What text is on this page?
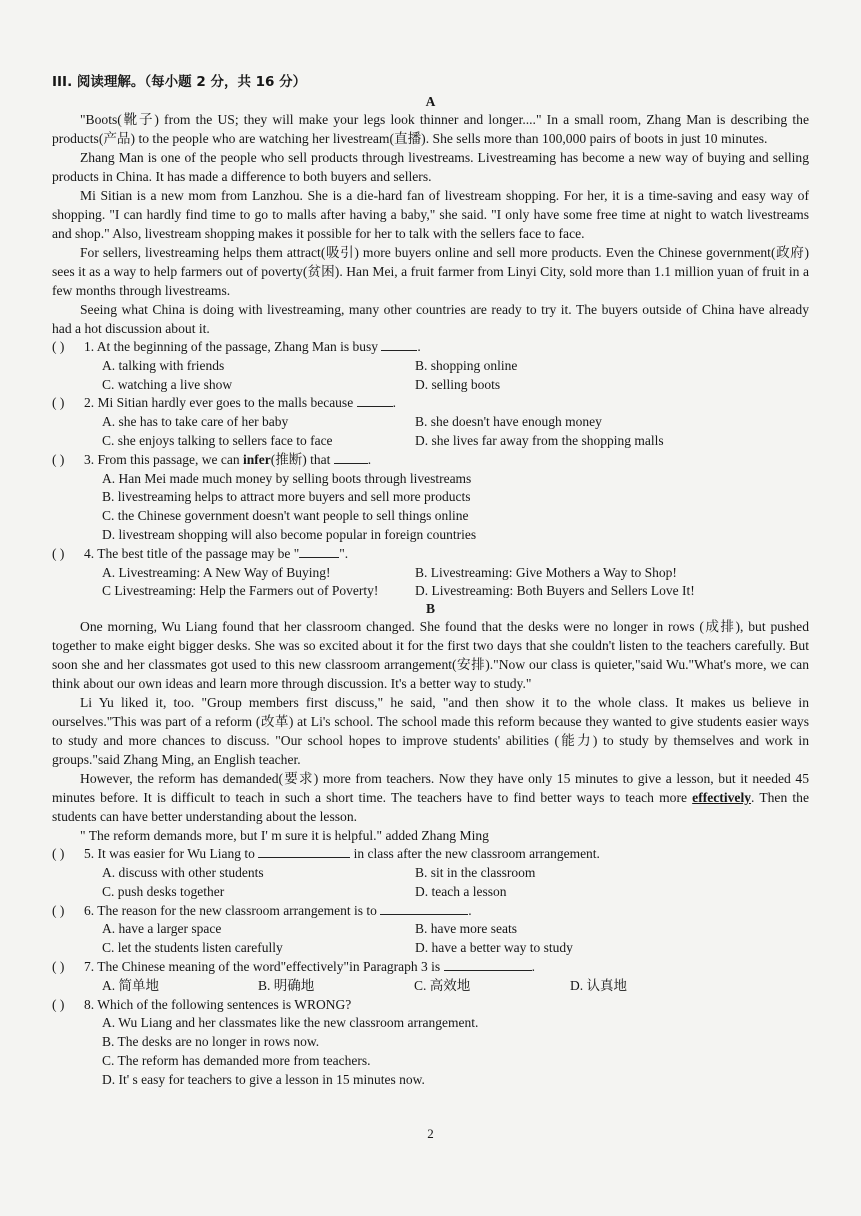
III. 阅读理解。（每小题 2 分，共 16 分）
A

"Boots(靴子) from the US; they will make your legs look thinner and longer...." In a small room, Zhang Man is describing the products(产品) to the people who are watching her livestream(直播). She sells more than 100,000 pairs of boots in just 10 minutes.

Zhang Man is one of the people who sell products through livestreams. Livestreaming has become a new way of buying and selling products in China. It has made a difference to both buyers and sellers.

Mi Sitian is a new mom from Lanzhou. She is a die-hard fan of livestream shopping. For her, it is a time-saving and easy way of shopping. "I can hardly find time to go to malls after having a baby," she said. "I only have some free time at night to watch livestreams and shop." Also, livestream shopping makes it possible for her to talk with the sellers face to face.

For sellers, livestreaming helps them attract(吸引) more buyers online and sell more products. Even the Chinese government(政府) sees it as a way to help farmers out of poverty(贫困). Han Mei, a fruit farmer from Linyi City, sold more than 1.1 million yuan of fruit in a few months through livestreams.

Seeing what China is doing with livestreaming, many other countries are ready to try it. The buyers outside of China have already had a hot discussion about it.

( ) 1. At the beginning of the passage, Zhang Man is busy	.

A. talking with friends	B. shopping online
C. watching a live show	D. selling boots

( ) 2. Mi Sitian hardly ever goes to the malls because	.

A. she has to take care of her baby	B. she doesn't have enough money
C. she enjoys talking to sellers face to face	D. she lives far away from the shopping malls

( ) 3. From this passage, we can infer(推断) that	.

A. Han Mei made much money by selling boots through livestreams
B. livestreaming helps to attract more buyers and sell more products
C. the Chinese government doesn't want people to sell things online
D. livestream shopping will also become popular in foreign countries

( ) 4. The best title of the passage may be "	".

A. Livestreaming: A New Way of Buying!	B. Livestreaming: Give Mothers a Way to Shop!
C Livestreaming: Help the Farmers out of Poverty!	D. Livestreaming: Both Buyers and Sellers Love It!
B

One morning, Wu Liang found that her classroom changed. She found that the desks were no longer in rows (成排), but pushed together to make eight bigger desks. She was so excited about it for the first two days that she couldn't listen to the teachers carefully. But soon she and her classmates got used to this new classroom arrangement(安排)."Now our class is quieter,"said Wu."What's more, we can think about our own ideas and learn more through discussion. It's a better way to study."

Li Yu liked it, too. "Group members first discuss," he said, "and then show it to the whole class. It makes us believe in ourselves."This was part of a reform (改革) at Li's school. The school made this reform because they wanted to give students easier ways to study and more chances to discuss. "Our school hopes to improve students' abilities (能力) to study by themselves and work in groups."said Zhang Ming, an English teacher.

However, the reform has demanded(要求) more from teachers. Now they have only 15 minutes to give a lesson, but it needed 45 minutes before. It is difficult to teach in such a short time. The teachers have to find better ways to teach more effectively. Then the students can have better understanding about the lesson.

" The reform demands more, but I' m sure it is helpful." added Zhang Ming

( ) 5. It was easier for Wu Liang to	in class after the new classroom arrangement.

A. discuss with other students	B. sit in the classroom
C. push desks together	D. teach a lesson

( ) 6. The reason for the new classroom arrangement is to	.

A. have a larger space	B. have more seats
C. let the students listen carefully	D. have a better way to study

( ) 7. The Chinese meaning of the word"effectively"in Paragraph 3 is	.

A. 简单地	B. 明确地	C. 高效地	D. 认真地

( ) 8. Which of the following sentences is WRONG?

A. Wu Liang and her classmates like the new classroom arrangement.
B. The desks are no longer in rows now.
C. The reform has demanded more from teachers.
D. It' s easy for teachers to give a lesson in 15 minutes now.
2
